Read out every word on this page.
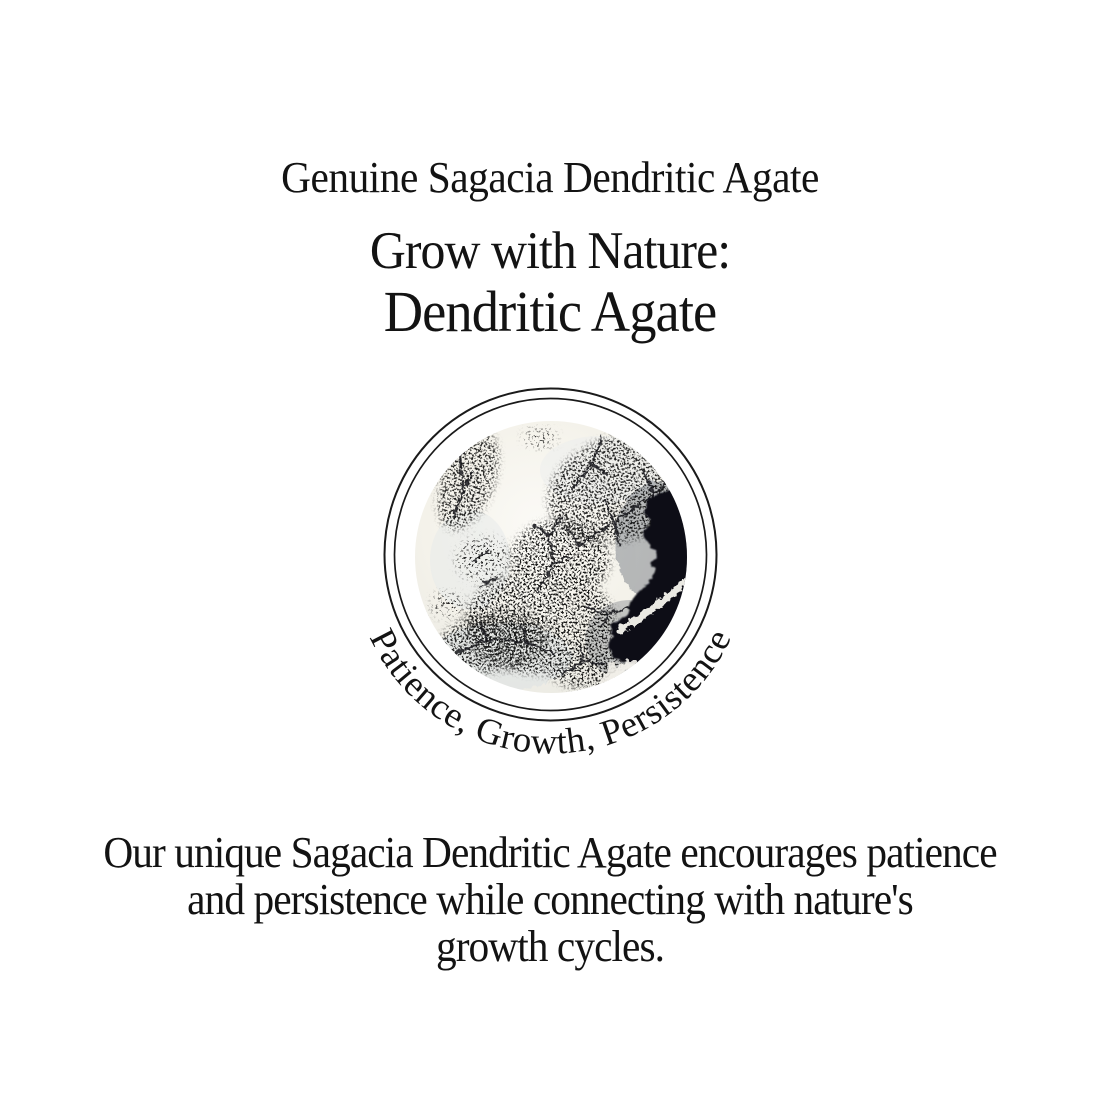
Genuine Sagacia Dendritic Agate
Grow with Nature:
Dendritic Agate
Patience, Growth, Persistence
Our unique Sagacia Dendritic Agate encourages patience
and persistence while connecting with nature's
growth cycles.
